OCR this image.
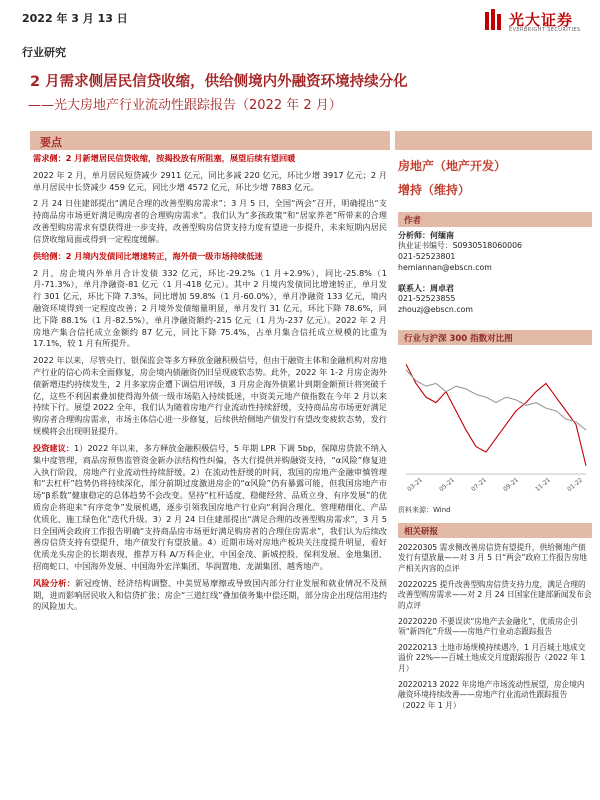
2022 年 3 月 13 日	光大证券
EVERBRIGHT SECURITIES
行业研究
2 月需求侧居民信贷收缩，供给侧境内外融资环境持续分化
——光大房地产行业流动性跟踪报告（2022 年 2 月）
要点

需求侧：2 月新增居民信贷收缩，按揭投放有所阻塞，展望后续有望回暖

2022 年 2 月，单月居民短贷减少 2911 亿元，同比多减 220 亿元，环比少增 3917 亿元；2 月单月居民中长贷减少 459 亿元，同比少增 4572 亿元，环比少增 7883 亿元。

2 月 24 日住建部提出“满足合理的改善型购房需求”；3 月 5 日，全国“两会”召开，明确提出“支持商品房市场更好满足购房者的合理购房需求”。我们认为“多孩政策”和“居家养老”所带来的合理改善型购房需求有望获得进一步支持，改善型购房信贷支持力度有望进一步提升，未来短期内居民信贷收缩局面或得到一定程度缓解。

供给侧：2 月境内发债同比增速转正，海外债一级市场持续低迷

2 月，房企境内外单月合计发债 332 亿元，环比-29.2%（1 月+2.9%），同比-25.8%（1 月-71.3%），单月净融资-81 亿元（1 月-418 亿元）。其中 2 月境内发债同比增速转正，单月发行 301 亿元，环比下降 7.3%，同比增加 59.8%（1 月-60.0%），单月净融资 133 亿元，境内融资环境得到一定程度改善；2 月境外发债缩量明显，单月发行 31 亿元，环比下降 78.6%，同比下降 88.1%（1 月-82.5%），单月净融资额约-215 亿元（1 月为-237 亿元）。2022 年 2 月房地产集合信托成立金额约 87 亿元，同比下降 75.4%，占单月集合信托成立规模的比重为 17.1%，较 1 月有所提升。

2022 年以来，尽管央行、银保监会等多方释放金融积极信号，但由于融资主体和金融机构对房地产行业的信心尚未全面修复，房企境内债融资仍旧呈现疲软态势。此外，2022 年 1-2 月房企海外债新增违约持续发生，2 月多家房企遭下调信用评级，3 月房企海外债累计到期金额预计将突破千亿，这些不利因素叠加使得海外债一级市场陷入持续低迷，中资美元地产债指数在今年 2 月以来持续下行。展望 2022 全年，我们认为随着房地产行业流动性持续舒缓，支持商品房市场更好满足购房者合理购房需求，市场主体信心进一步修复，后续供给侧地产债发行有望改变疲软态势，发行规模将会出现明显提升。

投资建议：1）2022 年以来，多方释放金融积极信号，5 年期 LPR 下调 5bp，保障房贷款不纳入集中度管理，商品房预售监管资金新办法结构性纠偏，各大行提供并购融资支持，“α风险”修复进入执行阶段，房地产行业流动性持续舒缓。2）在流动性舒缓的时间，我国的房地产金融审慎管理和“去杠杆”趋势仍将持续深化，部分前期过度激进房企的“α风险”仍有暴露可能，但我国房地产市场“β系数”健康稳定的总体趋势不会改变。坚持“杠杆适度、稳健经营、品质立身、有序发展”的优质房企将迎来“有序竞争”发展机遇，逐步引领我国房地产行业向“利润合理化、管理精细化、产品优质化、施工绿色化”迭代升级。3）2 月 24 日住建部提出“满足合理的改善型购房需求”，3 月 5 日全国两会政府工作报告明确“支持商品房市场更好满足购房者的合理住房需求”，我们认为后续改善房信贷支持有望提升，地产债发行有望放量。4）近期市场对房地产板块关注度提升明显，看好优质龙头房企的长期表现，推荐万科 A/万科企业，中国金茂、新城控股、保利发展、金地集团、招商蛇口、中国海外发展、中国海外宏洋集团、华润置地、龙湖集团、越秀地产。

风险分析：新冠疫情、经济结构调整、中美贸易摩擦或导致国内部分行业发展和就业情况不及预期，进而影响居民收入和信贷扩张；房企“三道红线”叠加债务集中偿还期，部分房企出现信用违约的风险加大。

房地产（地产开发）
增持（维持）
作者
分析师：何缅南
执业证书编号：S0930518060006
021-52523801
hemiannan@ebscn.com
联系人：周卓君
021-52523855
zhouzj@ebscn.com
行业与沪深 300 指数对比图
03-21 05-21 07-21 09-21 11-21 01-22
资料来源：Wind
相关研报
20220305 需求侧改善房信贷有望提升，供给侧地产债发行有望放量——对 3 月 5 日“两会”政府工作报告房地产相关内容的点评
20220225 提升改善型购房信贷支持力度，满足合理的改善型购房需求——对 2 月 24 日国家住建部新闻发布会的点评
20220220 不要误读“房地产去金融化”，优质房企引领“新四化”升级——房地产行业动态跟踪报告
20220213 土地市场规模持续遇冷，1 月百城土地成交溢价 22%——百城土地成交月度跟踪报告（2022 年 1 月）
20220213 2022 年房地产市场流动性展望，房企境内融资环境持续改善——房地产行业流动性跟踪报告（2022 年 1 月）
